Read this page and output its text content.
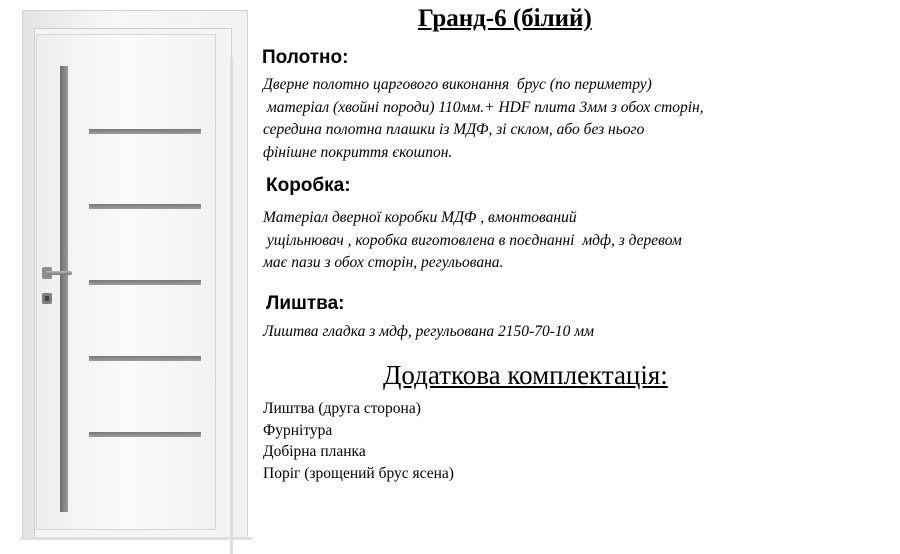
Гранд-6 (білий)
Полотно:

Дверне полотно царгового виконання  брус (по периметру)
матеріал (хвойні породи) 110мм.+ HDF плита 3мм з обох сторін,
середина полотна плашки із МДФ, зі склом, або без нього
фінішне покриття єкошпон.

Коробка:

Матеріал дверної коробки МДФ , вмонтований
ущільнювач , коробка виготовлена в поєднанні  мдф, з деревом
має пази з обох сторін, регульована.

Лиштва:

Лиштва гладка з мдф, регульована 2150-70-10 мм

Додаткова комплектація:
Лиштва (друга сторона)
Фурнітура
Добірна планка
Поріг (зрощений брус ясена)
